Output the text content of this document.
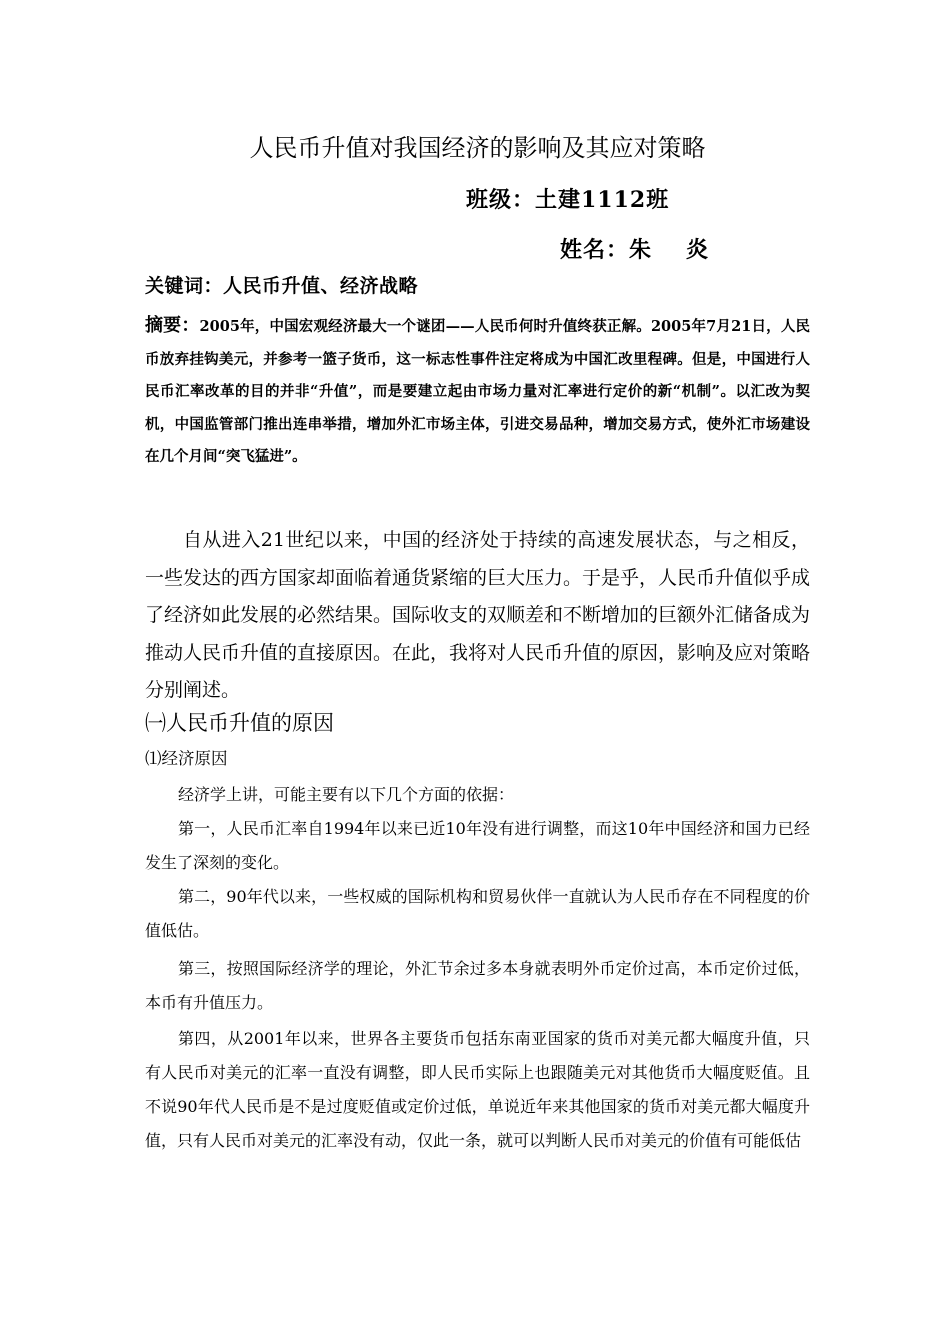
人民币升值对我国经济的影响及其应对策略
班级：土建1112班
姓名：朱 炎
关键词：人民币升值、经济战略
摘要：2005年，中国宏观经济最大一个谜团——人民币何时升值终获正解。2005年7月21日，人民币放弃挂钩美元，并参考一篮子货币，这一标志性事件注定将成为中国汇改里程碑。但是，中国进行人民币汇率改革的目的并非“升值”，而是要建立起由市场力量对汇率进行定价的新“机制”。以汇改为契机，中国监管部门推出连串举措，增加外汇市场主体，引进交易品种，增加交易方式，使外汇市场建设在几个月间“突飞猛进”。
自从进入21世纪以来，中国的经济处于持续的高速发展状态，与之相反，一些发达的西方国家却面临着通货紧缩的巨大压力。于是乎，人民币升值似乎成了经济如此发展的必然结果。国际收支的双顺差和不断增加的巨额外汇储备成为推动人民币升值的直接原因。在此，我将对人民币升值的原因，影响及应对策略分别阐述。
㈠人民币升值的原因
⑴经济原因
经济学上讲，可能主要有以下几个方面的依据：
第一，人民币汇率自1994年以来已近10年没有进行调整，而这10年中国经济和国力已经发生了深刻的变化。
第二，90年代以来，一些权威的国际机构和贸易伙伴一直就认为人民币存在不同程度的价值低估。
第三，按照国际经济学的理论，外汇节余过多本身就表明外币定价过高，本币定价过低，本币有升值压力。
第四，从2001年以来，世界各主要货币包括东南亚国家的货币对美元都大幅度升值，只有人民币对美元的汇率一直没有调整，即人民币实际上也跟随美元对其他货币大幅度贬值。且不说90年代人民币是不是过度贬值或定价过低，单说近年来其他国家的货币对美元都大幅度升值，只有人民币对美元的汇率没有动，仅此一条，就可以判断人民币对美元的价值有可能低估
